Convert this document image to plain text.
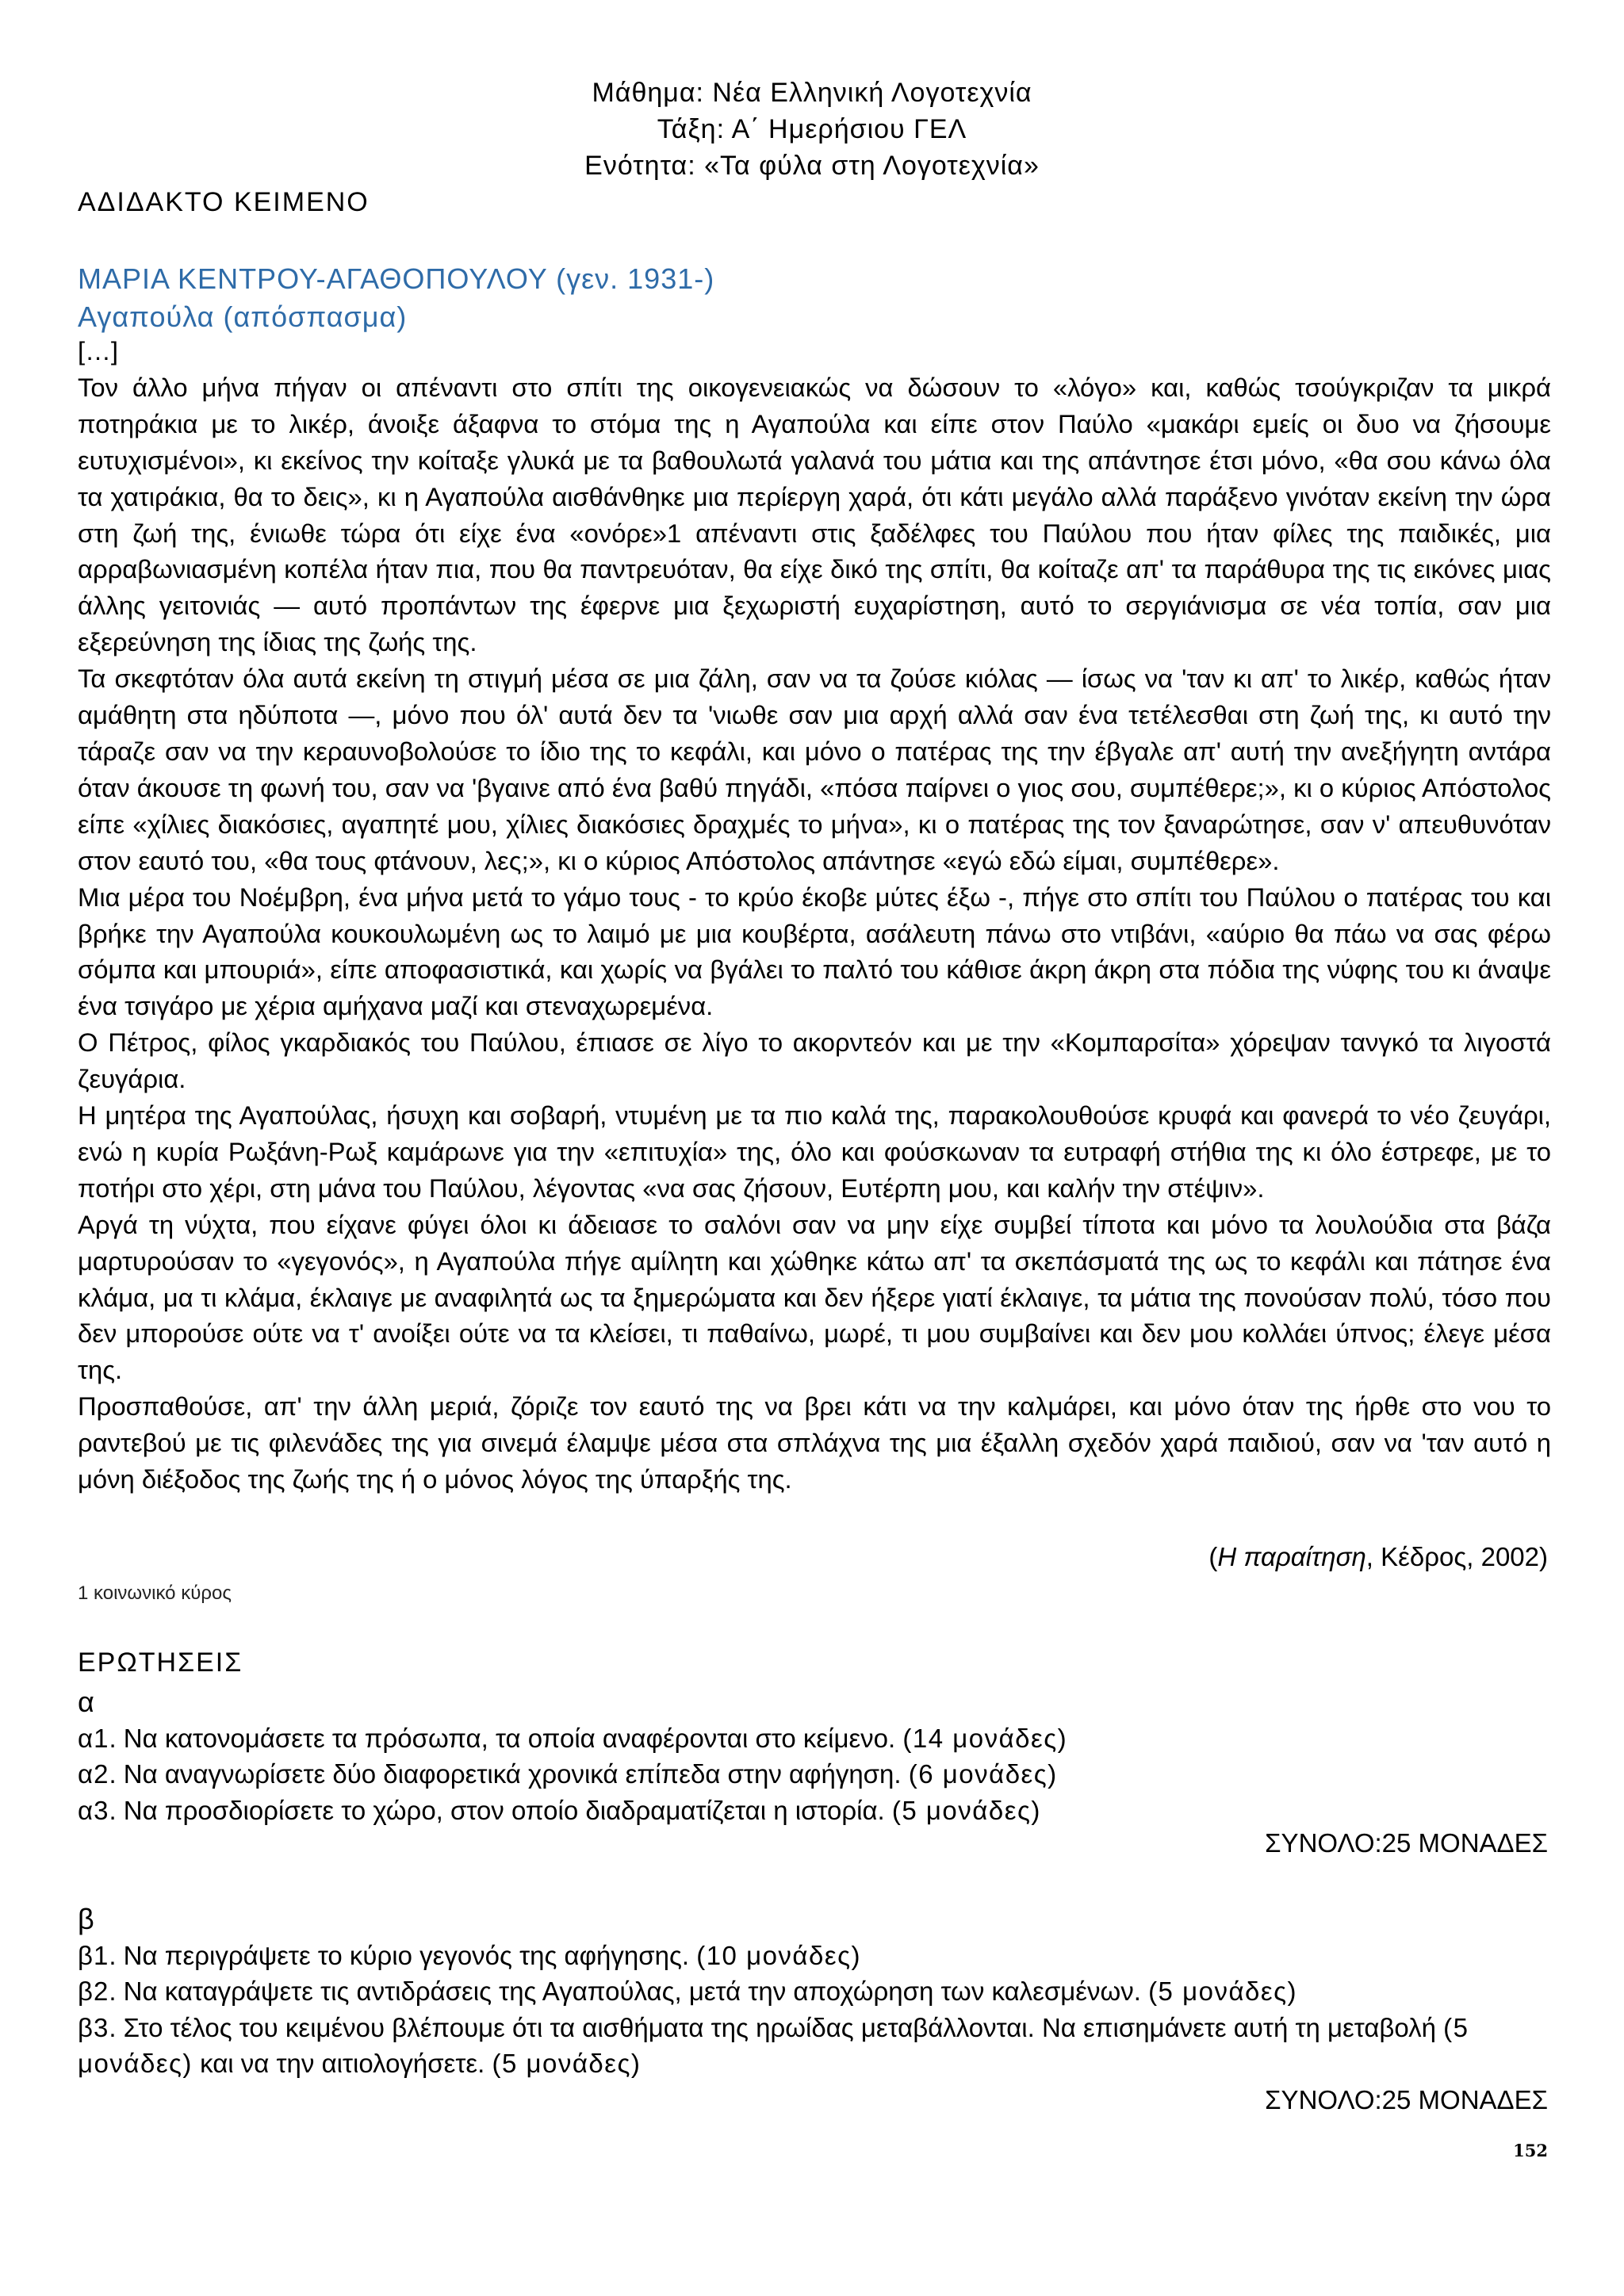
Μάθημα: Νέα Ελληνική Λογοτεχνία
Τάξη: Α΄ Ημερήσιου ΓΕΛ
Ενότητα: «Τα φύλα στη Λογοτεχνία»
ΑΔΙΔΑΚΤΟ ΚΕΙΜΕΝΟ
ΜΑΡΙΑ ΚΕΝΤΡΟΥ-ΑΓΑΘΟΠΟΥΛΟΥ (γεν. 1931-)
Αγαπούλα (απόσπασμα)

[…]

Τον άλλο μήνα πήγαν οι απέναντι στο σπίτι της οικογενειακώς να δώσουν το «λόγο» και, καθώς τσούγκριζαν τα μικρά ποτηράκια με το λικέρ, άνοιξε άξαφνα το στόμα της η Αγαπούλα και είπε στον Παύλο «μακάρι εμείς οι δυο να ζήσουμε ευτυχισμένοι», κι εκείνος την κοίταξε γλυκά με τα βαθουλωτά γαλανά του μάτια και της απάντησε έτσι μόνο, «θα σου κάνω όλα τα χατιράκια, θα το δεις», κι η Αγαπούλα αισθάνθηκε μια περίεργη χαρά, ότι κάτι μεγάλο αλλά παράξενο γινόταν εκείνη την ώρα στη ζωή της, ένιωθε τώρα ότι είχε ένα «ονόρε»1 απέναντι στις ξαδέλφες του Παύλου που ήταν φίλες της παιδικές, μια αρραβωνιασμένη κοπέλα ήταν πια, που θα παντρευόταν, θα είχε δικό της σπίτι, θα κοίταζε απ' τα παράθυρα της τις εικόνες μιας άλλης γειτονιάς — αυτό προπάντων της έφερνε μια ξεχωριστή ευχαρίστηση, αυτό το σεργιάνισμα σε νέα τοπία, σαν μια εξερεύνηση της ίδιας της ζωής της.

Τα σκεφτόταν όλα αυτά εκείνη τη στιγμή μέσα σε μια ζάλη, σαν να τα ζούσε κιόλας — ίσως να 'ταν κι απ' το λικέρ, καθώς ήταν αμάθητη στα ηδύποτα —, μόνο που όλ' αυτά δεν τα 'νιωθε σαν μια αρχή αλλά σαν ένα τετέλεσθαι στη ζωή της, κι αυτό την τάραζε σαν να την κεραυνοβολούσε το ίδιο της το κεφάλι, και μόνο ο πατέρας της την έβγαλε απ' αυτή την ανεξήγητη αντάρα όταν άκουσε τη φωνή του, σαν να 'βγαινε από ένα βαθύ πηγάδι, «πόσα παίρνει ο γιος σου, συμπέθερε;», κι ο κύριος Απόστολος είπε «χίλιες διακόσιες, αγαπητέ μου, χίλιες διακόσιες δραχμές το μήνα», κι ο πατέρας της τον ξαναρώτησε, σαν ν' απευθυνόταν στον εαυτό του, «θα τους φτάνουν, λες;», κι ο κύριος Απόστολος απάντησε «εγώ εδώ είμαι, συμπέθερε».

Μια μέρα του Νοέμβρη, ένα μήνα μετά το γάμο τους - το κρύο έκοβε μύτες έξω -, πήγε στο σπίτι του Παύλου ο πατέρας του και βρήκε την Αγαπούλα κουκουλωμένη ως το λαιμό με μια κουβέρτα, ασάλευτη πάνω στο ντιβάνι, «αύριο θα πάω να σας φέρω σόμπα και μπουριά», είπε αποφασιστικά, και χωρίς να βγάλει το παλτό του κάθισε άκρη άκρη στα πόδια της νύφης του κι άναψε ένα τσιγάρο με χέρια αμήχανα μαζί και στεναχωρεμένα.

Ο Πέτρος, φίλος γκαρδιακός του Παύλου, έπιασε σε λίγο το ακορντεόν και με την «Κομπαρσίτα» χόρεψαν τανγκό τα λιγοστά ζευγάρια.

Η μητέρα της Αγαπούλας, ήσυχη και σοβαρή, ντυμένη με τα πιο καλά της, παρακολουθούσε κρυφά και φανερά το νέο ζευγάρι, ενώ η κυρία Ρωξάνη-Ρωξ καμάρωνε για την «επιτυχία» της, όλο και φούσκωναν τα ευτραφή στήθια της κι όλο έστρεφε, με το ποτήρι στο χέρι, στη μάνα του Παύλου, λέγοντας «να σας ζήσουν, Ευτέρπη μου, και καλήν την στέψιν».

Αργά τη νύχτα, που είχανε φύγει όλοι κι άδειασε το σαλόνι σαν να μην είχε συμβεί τίποτα και μόνο τα λουλούδια στα βάζα μαρτυρούσαν το «γεγονός», η Αγαπούλα πήγε αμίλητη και χώθηκε κάτω απ' τα σκεπάσματά της ως το κεφάλι και πάτησε ένα κλάμα, μα τι κλάμα, έκλαιγε με αναφιλητά ως τα ξημερώματα και δεν ήξερε γιατί έκλαιγε, τα μάτια της πονούσαν πολύ, τόσο που δεν μπορούσε ούτε να τ' ανοίξει ούτε να τα κλείσει, τι παθαίνω, μωρέ, τι μου συμβαίνει και δεν μου κολλάει ύπνος; έλεγε μέσα της.

Προσπαθούσε, απ' την άλλη μεριά, ζόριζε τον εαυτό της να βρει κάτι να την καλμάρει, και μόνο όταν της ήρθε στο νου το ραντεβού με τις φιλενάδες της για σινεμά έλαμψε μέσα στα σπλάχνα της μια έξαλλη σχεδόν χαρά παιδιού, σαν να 'ταν αυτό η μόνη διέξοδος της ζωής της ή ο μόνος λόγος της ύπαρξής της.

(Η παραίτηση, Κέδρος, 2002)
1 κοινωνικό κύρος
ΕΡΩΤΗΣΕΙΣ
α

α1. Να κατονομάσετε τα πρόσωπα, τα οποία αναφέρονται στο κείμενο. (14 μονάδες)

α2. Να αναγνωρίσετε δύο διαφορετικά χρονικά επίπεδα στην αφήγηση. (6 μονάδες)

α3. Να προσδιορίσετε το χώρο, στον οποίο διαδραματίζεται η ιστορία. (5 μονάδες)

ΣΥΝΟΛΟ:25 ΜΟΝΑΔΕΣ
β

β1. Να περιγράψετε το κύριο γεγονός της αφήγησης. (10 μονάδες)

β2. Να καταγράψετε τις αντιδράσεις της Αγαπούλας, μετά την αποχώρηση των καλεσμένων. (5 μονάδες)

β3. Στο τέλος του κειμένου βλέπουμε ότι τα αισθήματα της ηρωίδας μεταβάλλονται. Να επισημάνετε αυτή τη μεταβολή (5 μονάδες) και να την αιτιολογήσετε. (5 μονάδες)

ΣΥΝΟΛΟ:25 ΜΟΝΑΔΕΣ
152
